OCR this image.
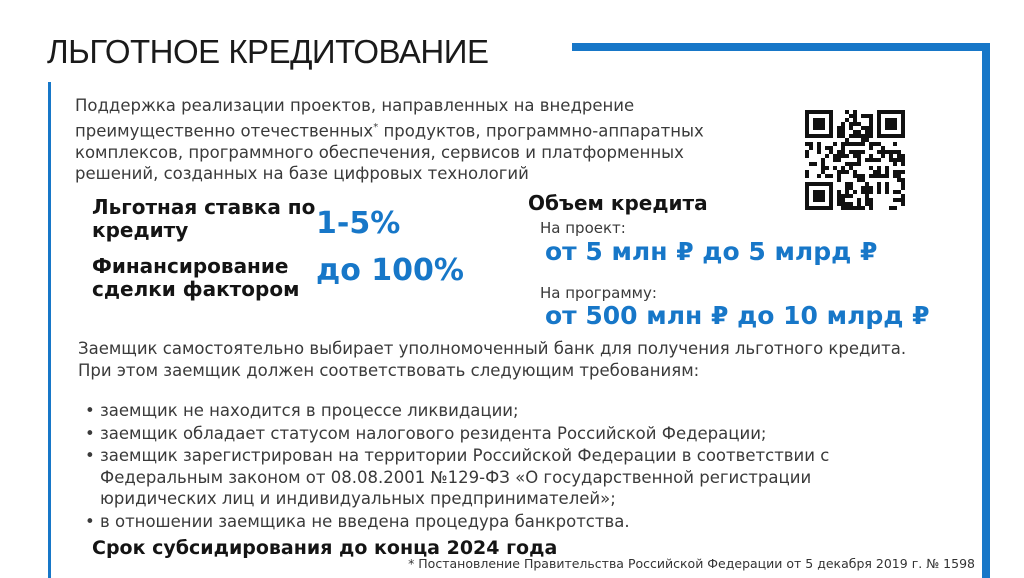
ЛЬГОТНОЕ КРЕДИТОВАНИЕ
Поддержка реализации проектов, направленных на внедрение преимущественно отечественных* продуктов, программно-аппаратных комплексов, программного обеспечения, сервисов и платформенных решений, созданных на базе цифровых технологий
Льготная ставка по кредиту	1-5%
Финансирование сделки фактором
до 100%
Объем кредита
На проект:
от 5 млн ₽ до 5 млрд ₽
На программу:
от 500 млн ₽ до 10 млрд ₽
Заемщик самостоятельно выбирает уполномоченный банк для получения льготного кредита.
При этом заемщик должен соответствовать следующим требованиям:
• заемщик не находится в процессе ликвидации;
• заемщик обладает статусом налогового резидента Российской Федерации;
• заемщик зарегистрирован на территории Российской Федерации в соответствии с Федеральным законом от 08.08.2001 №129-ФЗ «О государственной регистрации юридических лиц и индивидуальных предпринимателей»;
• в отношении заемщика не введена процедура банкротства.
Срок субсидирования до конца 2024 года
* Постановление Правительства Российской Федерации от 5 декабря 2019 г. № 1598
